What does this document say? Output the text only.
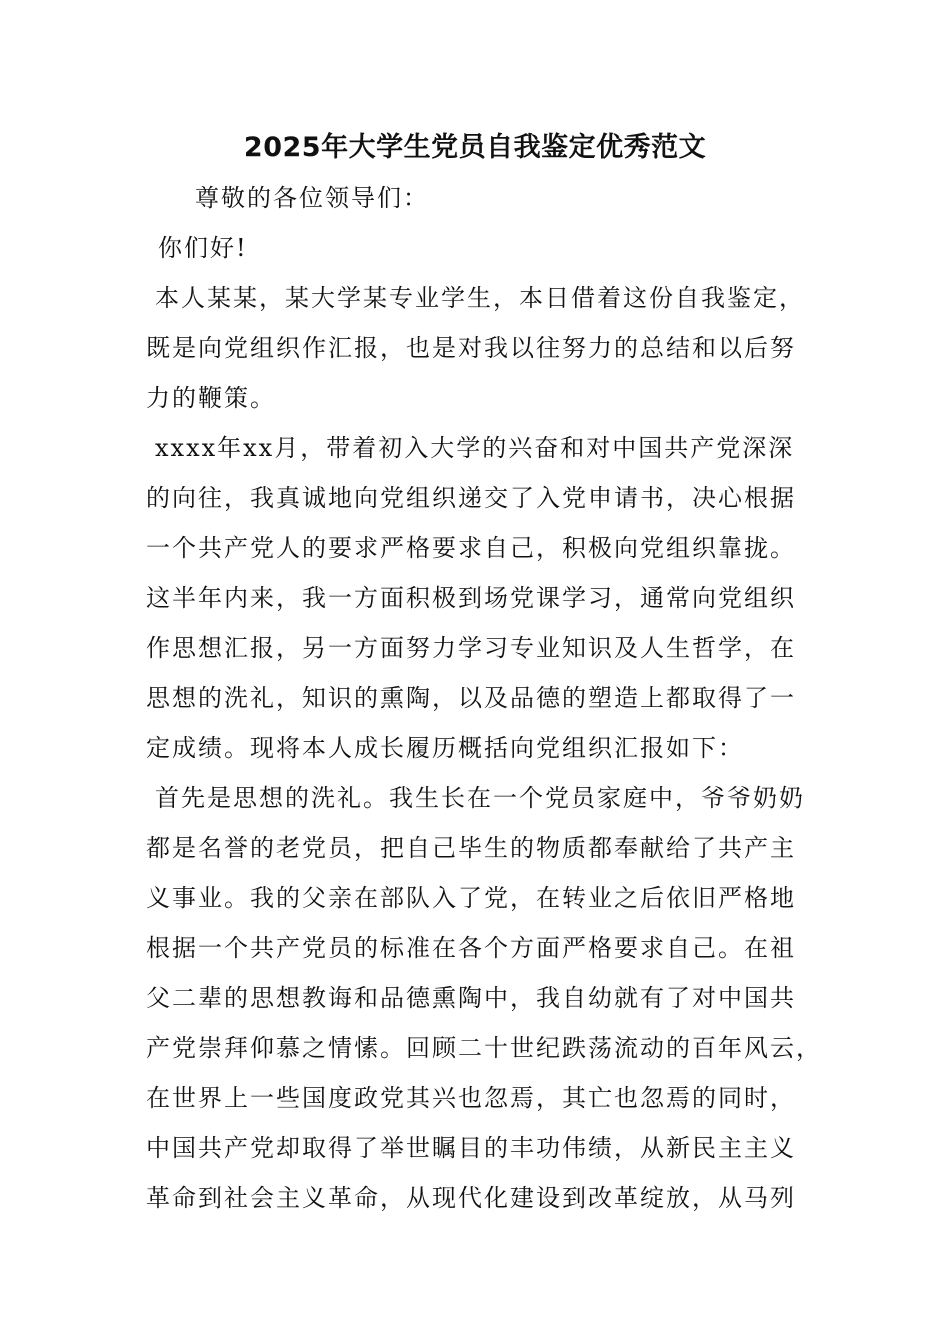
2025年大学生党员自我鉴定优秀范文
尊敬的各位领导们：
你们好!
本人某某，某大学某专业学生，本日借着这份自我鉴定，
既是向党组织作汇报，也是对我以往努力的总结和以后努
力的鞭策。
xxxx年xx月，带着初入大学的兴奋和对中国共产党深深
的向往，我真诚地向党组织递交了入党申请书，决心根据
一个共产党人的要求严格要求自己，积极向党组织靠拢。
这半年内来，我一方面积极到场党课学习，通常向党组织
作思想汇报，另一方面努力学习专业知识及人生哲学，在
思想的洗礼，知识的熏陶，以及品德的塑造上都取得了一
定成绩。现将本人成长履历概括向党组织汇报如下：
首先是思想的洗礼。我生长在一个党员家庭中，爷爷奶奶
都是名誉的老党员，把自己毕生的物质都奉献给了共产主
义事业。我的父亲在部队入了党，在转业之后依旧严格地
根据一个共产党员的标准在各个方面严格要求自己。在祖
父二辈的思想教诲和品德熏陶中，我自幼就有了对中国共
产党崇拜仰慕之情愫。回顾二十世纪跌荡流动的百年风云，
在世界上一些国度政党其兴也忽焉，其亡也忽焉的同时，
中国共产党却取得了举世瞩目的丰功伟绩，从新民主主义
革命到社会主义革命，从现代化建设到改革绽放，从马列
